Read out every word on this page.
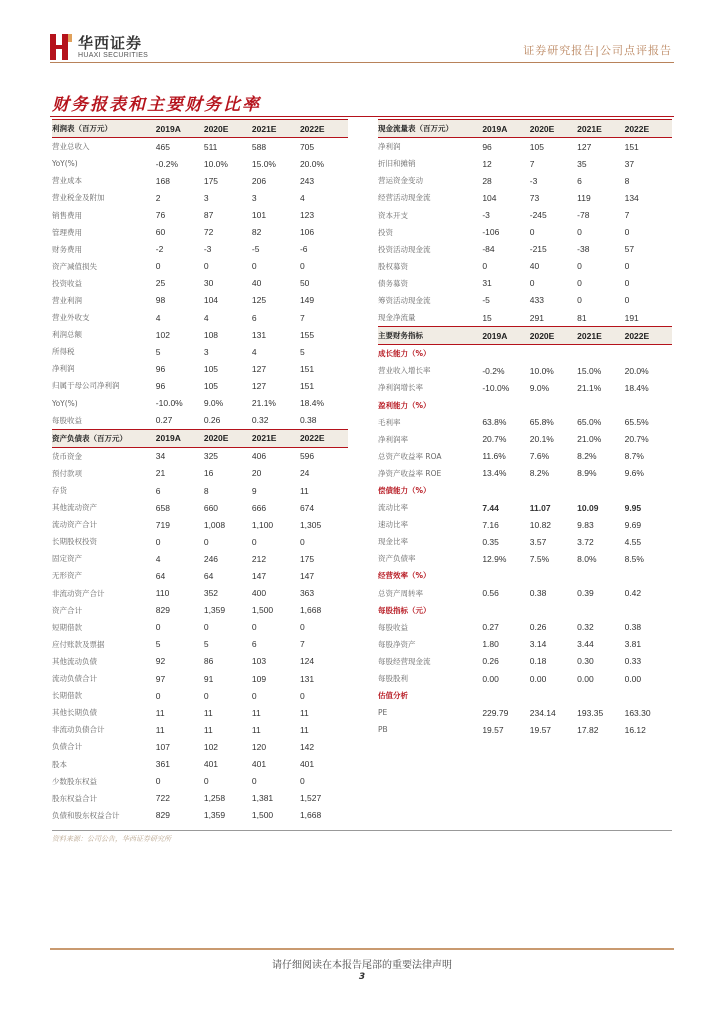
华西证券
HUAXI SECURITIES	证券研究报告|公司点评报告
财务报表和主要财务比率
利润表（百万元）	2019A	2020E	2021E	2022E
营业总收入	465	511	588	705
YoY(%)	-0.2%	10.0%	15.0%	20.0%
营业成本	168	175	206	243
营业税金及附加	2	3	3	4
销售费用	76	87	101	123
管理费用	60	72	82	106
财务费用	-2	-3	-5	-6
资产减值损失	0	0	0	0
投资收益	25	30	40	50
营业利润	98	104	125	149
营业外收支	4	4	6	7
利润总额	102	108	131	155
所得税	5	3	4	5
净利润	96	105	127	151
归属于母公司净利润	96	105	127	151
YoY(%)	-10.0%	9.0%	21.1%	18.4%
每股收益	0.27	0.26	0.32	0.38
资产负债表（百万元）	2019A	2020E	2021E	2022E
货币资金	34	325	406	596
预付款项	21	16	20	24
存货	6	8	9	11
其他流动资产	658	660	666	674
流动资产合计	719	1,008	1,100	1,305
长期股权投资	0	0	0	0
固定资产	4	246	212	175
无形资产	64	64	147	147
非流动资产合计	110	352	400	363
资产合计	829	1,359	1,500	1,668
短期借款	0	0	0	0
应付账款及票据	5	5	6	7
其他流动负债	92	86	103	124
流动负债合计	97	91	109	131
长期借款	0	0	0	0
其他长期负债	11	11	11	11
非流动负债合计	11	11	11	11
负债合计	107	102	120	142
股本	361	401	401	401
少数股东权益	0	0	0	0
股东权益合计	722	1,258	1,381	1,527
负债和股东权益合计	829	1,359	1,500	1,668
现金流量表（百万元）	2019A	2020E	2021E	2022E
净利润	96	105	127	151
折旧和摊销	12	7	35	37
营运资金变动	28	-3	6	8
经营活动现金流	104	73	119	134
资本开支	-3	-245	-78	7
投资	-106	0	0	0
投资活动现金流	-84	-215	-38	57
股权募资	0	40	0	0
债务募资	31	0	0	0
筹资活动现金流	-5	433	0	0
现金净流量	15	291	81	191
主要财务指标	2019A	2020E	2021E	2022E
成长能力（%）
营业收入增长率	-0.2%	10.0%	15.0%	20.0%
净利润增长率	-10.0%	9.0%	21.1%	18.4%
盈利能力（%）
毛利率	63.8%	65.8%	65.0%	65.5%
净利润率	20.7%	20.1%	21.0%	20.7%
总资产收益率 ROA	11.6%	7.6%	8.2%	8.7%
净资产收益率 ROE	13.4%	8.2%	8.9%	9.6%
偿债能力（%）
流动比率	7.44	11.07	10.09	9.95
速动比率	7.16	10.82	9.83	9.69
现金比率	0.35	3.57	3.72	4.55
资产负债率	12.9%	7.5%	8.0%	8.5%
经营效率（%）
总资产周转率	0.56	0.38	0.39	0.42
每股指标（元）
每股收益	0.27	0.26	0.32	0.38
每股净资产	1.80	3.14	3.44	3.81
每股经营现金流	0.26	0.18	0.30	0.33
每股股利	0.00	0.00	0.00	0.00
估值分析
PE	229.79	234.14	193.35	163.30
PB	19.57	19.57	17.82	16.12
资料来源：公司公告，华西证券研究所
请仔细阅读在本报告尾部的重要法律声明
3
